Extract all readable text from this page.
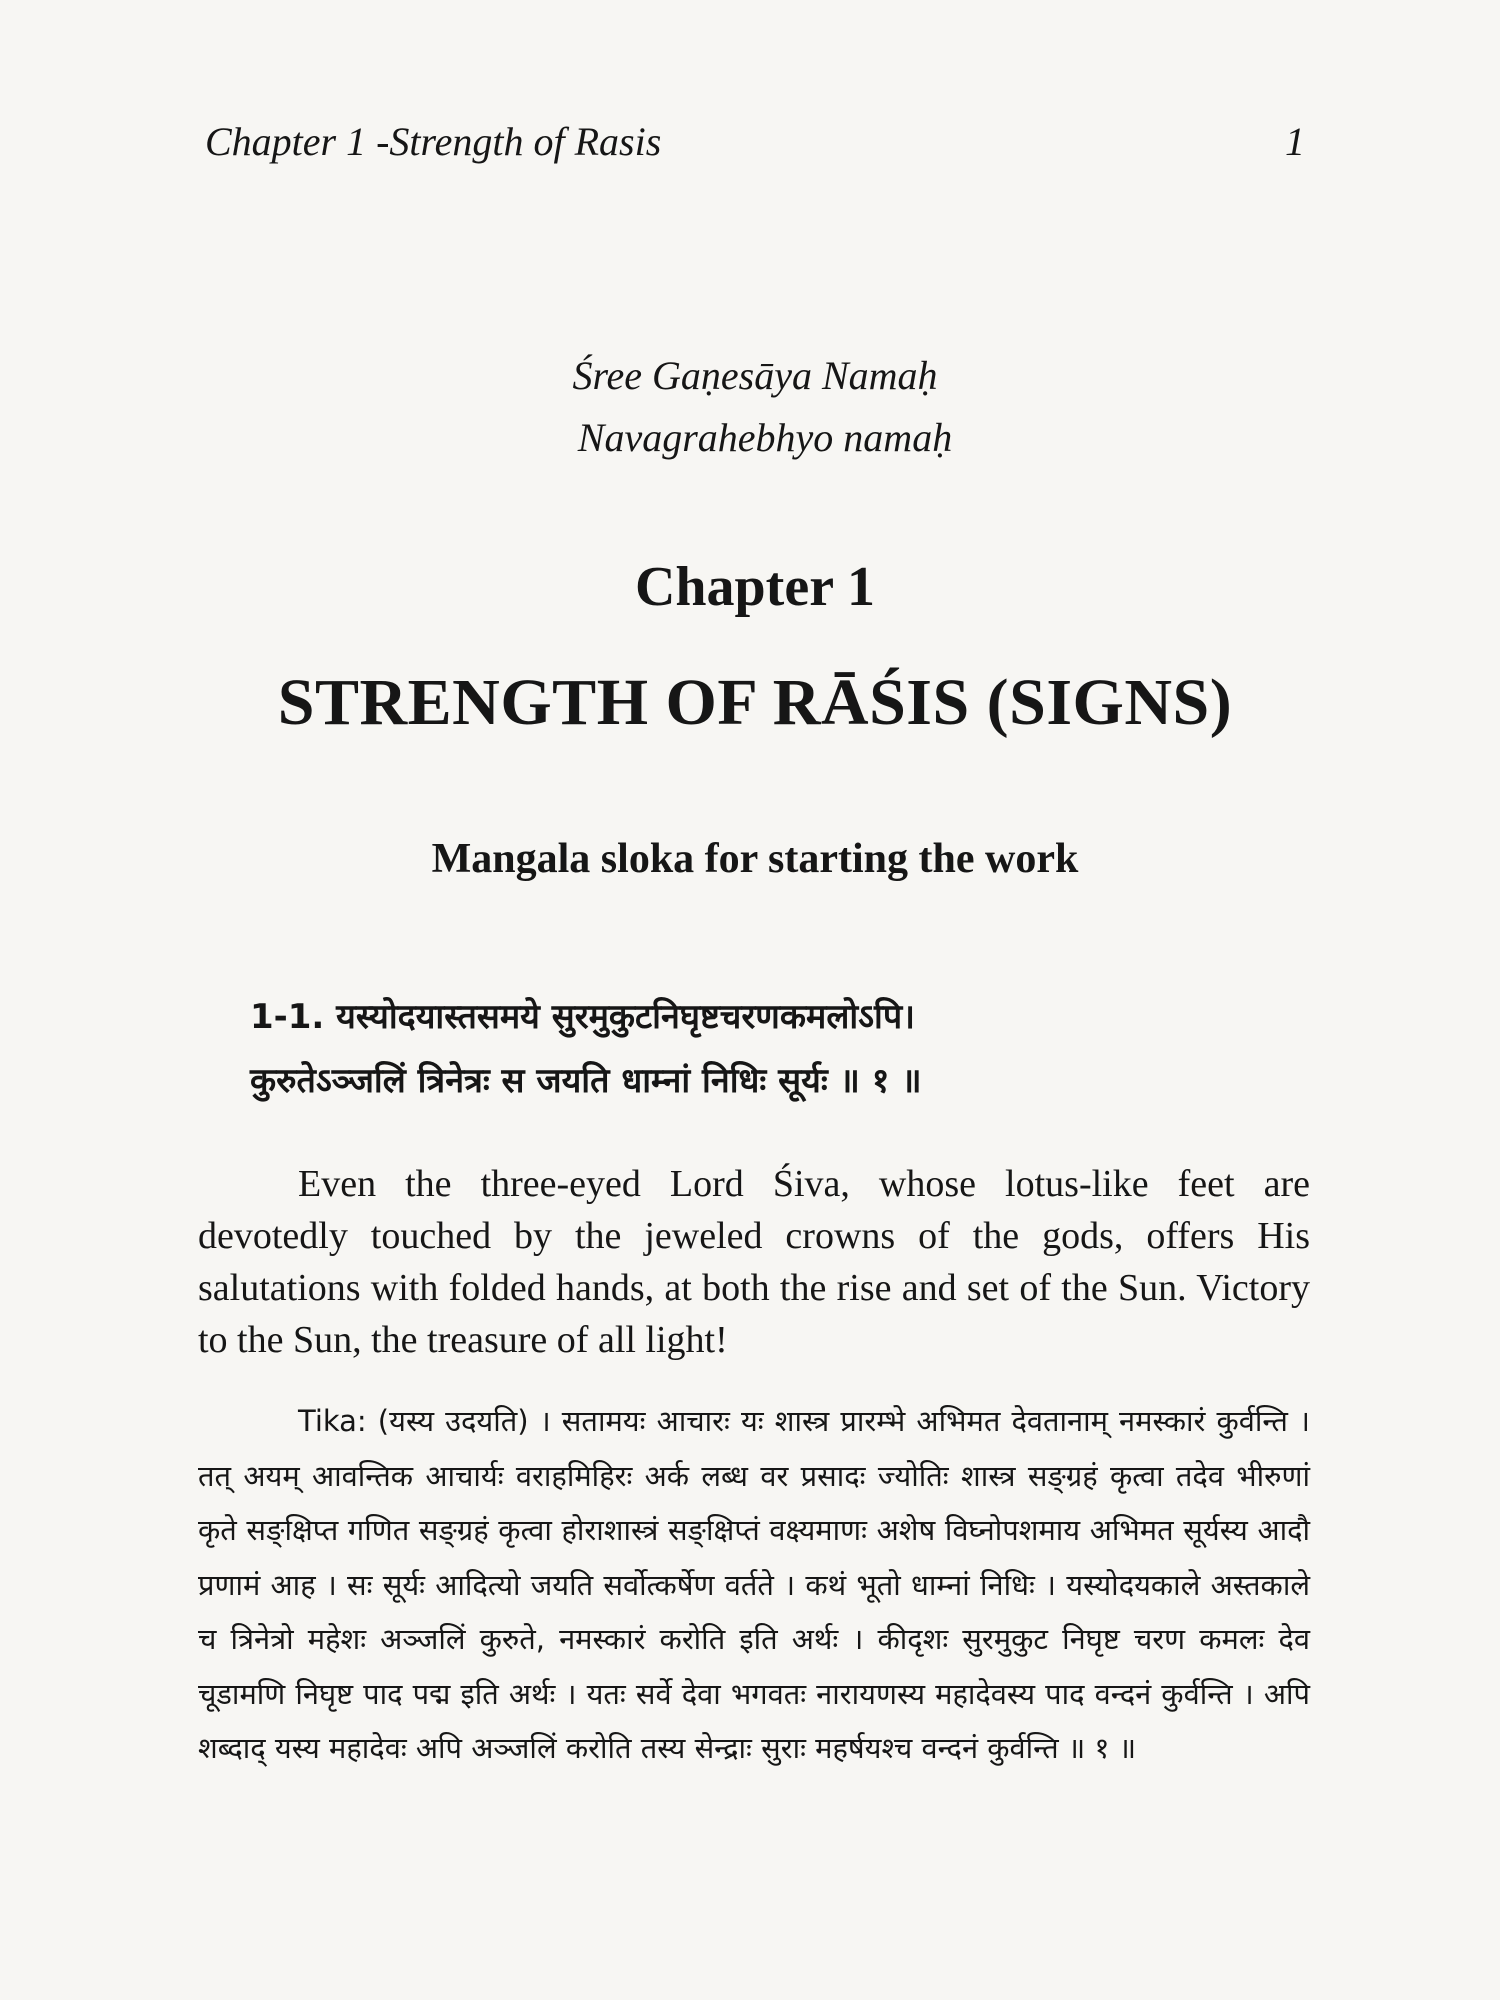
Chapter 1 -Strength of Rasis	1
Śree Gaṇesāya Namaḥ
Navagrahebhyo namaḥ
Chapter 1
STRENGTH OF RĀŚIS (SIGNS)
Mangala sloka for starting the work
1-1. यस्योदयास्तसमये सुरमुकुटनिघृष्टचरणकमलोऽपि।
कुरुतेऽञ्जलिं त्रिनेत्रः स जयति धाम्नां निधिः सूर्यः ॥ १ ॥

Even the three-eyed Lord Śiva, whose lotus-like feet are devotedly touched by the jeweled crowns of the gods, offers His salutations with folded hands, at both the rise and set of the Sun. Victory to the Sun, the treasure of all light!

Tika: (यस्य उदयति) । सतामयः आचारः यः शास्त्र प्रारम्भे अभिमत देवतानाम् नमस्कारं कुर्वन्ति । तत् अयम् आवन्तिक आचार्यः वराहमिहिरः अर्क लब्ध वर प्रसादः ज्योतिः शास्त्र सङ्ग्रहं कृत्वा तदेव भीरुणां कृते सङ्क्षिप्त गणित सङ्ग्रहं कृत्वा होराशास्त्रं सङ्क्षिप्तं वक्ष्यमाणः अशेष विघ्नोपशमाय अभिमत सूर्यस्य आदौ प्रणामं आह । सः सूर्यः आदित्यो जयति सर्वोत्कर्षेण वर्तते । कथं भूतो धाम्नां निधिः । यस्योदयकाले अस्तकाले च त्रिनेत्रो महेशः अञ्जलिं कुरुते, नमस्कारं करोति इति अर्थः । कीदृशः सुरमुकुट निघृष्ट चरण कमलः देव चूडामणि निघृष्ट पाद पद्म इति अर्थः । यतः सर्वे देवा भगवतः नारायणस्य महादेवस्य पाद वन्दनं कुर्वन्ति । अपि शब्दाद् यस्य महादेवः अपि अञ्जलिं करोति तस्य सेन्द्राः सुराः महर्षयश्च वन्दनं कुर्वन्ति ॥ १ ॥
